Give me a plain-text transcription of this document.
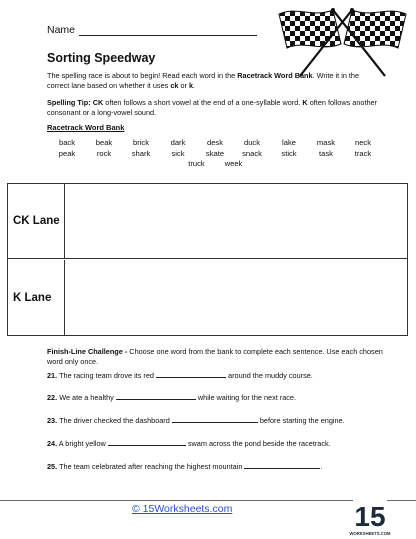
Name
Sorting Speedway
The spelling race is about to begin! Read each word in the Racetrack Word Bank. Write it in the correct lane based on whether it uses ck or k.
Spelling Tip: CK often follows a short vowel at the end of a one-syllable word. K often follows another consonant or a long-vowel sound.
Racetrack Word Bank
back	beak	brick	dark	desk	duck	lake	mask	neck
peak	rock	shark	sick	skate	snack	stick	task	track
truck	week
CK Lane
K Lane
Finish-Line Challenge - Choose one word from the bank to complete each sentence. Use each chosen word only once.
21. The racing team drove its red	around the muddy course.
22. We ate a healthy	while waiting for the next race.
23. The driver checked the dashboard	before starting the engine.
24. A bright yellow	swam across the pond beside the racetrack.
25. The team celebrated after reaching the highest mountain	.
© 15Worksheets.com	15
WORKSHEETS.COM
